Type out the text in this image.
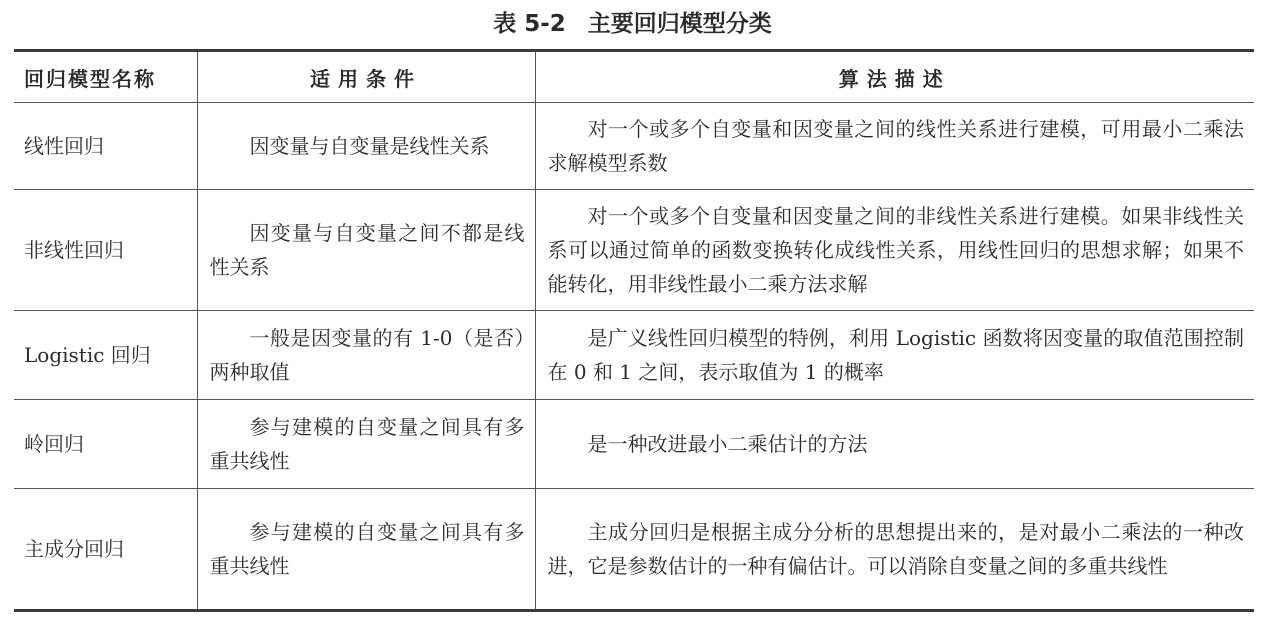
表 5-2 主要回归模型分类
回归模型名称	适用条件	算法描述
线性回归	因变量与自变量是线性关系	对一个或多个自变量和因变量之间的线性关系进行建模，可用最小二乘法求解模型系数
非线性回归	因变量与自变量之间不都是线性关系	对一个或多个自变量和因变量之间的非线性关系进行建模。如果非线性关系可以通过简单的函数变换转化成线性关系，用线性回归的思想求解；如果不能转化，用非线性最小二乘方法求解
Logistic 回归	一般是因变量的有 1-0（是否）两种取值	是广义线性回归模型的特例，利用 Logistic 函数将因变量的取值范围控制在 0 和 1 之间，表示取值为 1 的概率
岭回归	参与建模的自变量之间具有多重共线性	是一种改进最小二乘估计的方法
主成分回归	参与建模的自变量之间具有多重共线性	主成分回归是根据主成分分析的思想提出来的，是对最小二乘法的一种改进，它是参数估计的一种有偏估计。可以消除自变量之间的多重共线性
